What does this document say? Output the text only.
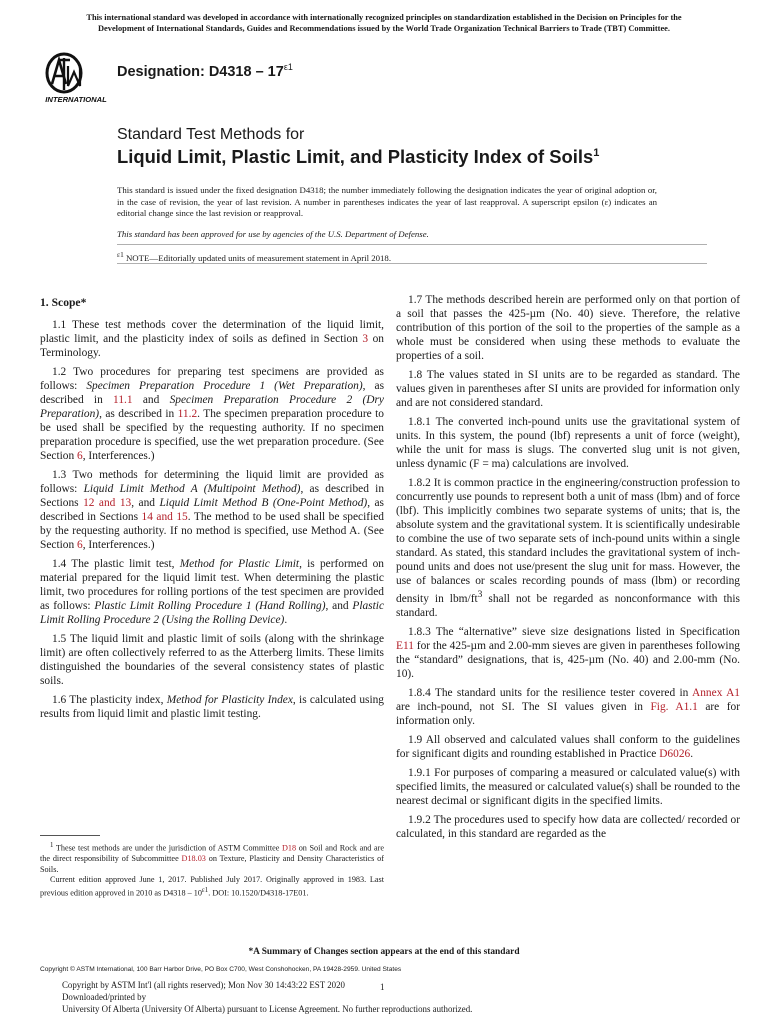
This international standard was developed in accordance with internationally recognized principles on standardization established in the Decision on Principles for the
Development of International Standards, Guides and Recommendations issued by the World Trade Organization Technical Barriers to Trade (TBT) Committee.
INTERNATIONAL
Designation: $D4318 - 17^{\varepsilon 1}$
Standard Test Methods for
Liquid Limit, Plastic Limit, and Plasticity Index of Soils$^1$
This standard is issued under the fixed designation D4318; the number immediately following the designation indicates the year of original adoption or, in the case of revision, the year of last revision. A number in parentheses indicates the year of last reapproval. A superscript epsilon (ε) indicates an editorial change since the last revision or reapproval.
This standard has been approved for use by agencies of the U.S. Department of Defense.
$^{\varepsilon 1}$ NOTE—Editorially updated units of measurement statement in April 2018.

1. Scope*

1.1 These test methods cover the determination of the liquid limit, plastic limit, and the plasticity index of soils as defined in Section 3 on Terminology.

1.2 Two procedures for preparing test specimens are provided as follows: Specimen Preparation Procedure 1 (Wet Preparation), as described in 11.1 and Specimen Preparation Procedure 2 (Dry Preparation), as described in 11.2. The specimen preparation procedure to be used shall be specified by the requesting authority. If no specimen preparation procedure is specified, use the wet preparation procedure. (See Section 6, Interferences.)

1.3 Two methods for determining the liquid limit are provided as follows: Liquid Limit Method A (Multipoint Method), as described in Sections 12 and 13, and Liquid Limit Method B (One-Point Method), as described in Sections 14 and 15. The method to be used shall be specified by the requesting authority. If no method is specified, use Method A. (See Section 6, Interferences.)

1.4 The plastic limit test, Method for Plastic Limit, is performed on material prepared for the liquid limit test. When determining the plastic limit, two procedures for rolling portions of the test specimen are provided as follows: Plastic Limit Rolling Procedure 1 (Hand Rolling), and Plastic Limit Rolling Procedure 2 (Using the Rolling Device).

1.5 The liquid limit and plastic limit of soils (along with the shrinkage limit) are often collectively referred to as the Atterberg limits. These limits distinguished the boundaries of the several consistency states of plastic soils.

1.6 The plasticity index, Method for Plasticity Index, is calculated using results from liquid limit and plastic limit testing.

$^1$ These test methods are under the jurisdiction of ASTM Committee D18 on Soil and Rock and are the direct responsibility of Subcommittee D18.03 on Texture, Plasticity and Density Characteristics of Soils.

Current edition approved June 1, 2017. Published July 2017. Originally approved in 1983. Last previous edition approved in 2010 as $D4318 - 10^{\varepsilon 1}$. DOI: 10.1520/D4318-17E01.

1.7 The methods described herein are performed only on that portion of a soil that passes the 425-µm (No. 40) sieve. Therefore, the relative contribution of this portion of the soil to the properties of the sample as a whole must be considered when using these methods to evaluate the properties of a soil.

1.8 The values stated in SI units are to be regarded as standard. The values given in parentheses after SI units are provided for information only and are not considered standard.

1.8.1 The converted inch-pound units use the gravitational system of units. In this system, the pound (lbf) represents a unit of force (weight), while the unit for mass is slugs. The converted slug unit is not given, unless dynamic (F = ma) calculations are involved.

1.8.2 It is common practice in the engineering/construction profession to concurrently use pounds to represent both a unit of mass (lbm) and of force (lbf). This implicitly combines two separate systems of units; that is, the absolute system and the gravitational system. It is scientifically undesirable to combine the use of two separate sets of inch-pound units within a single standard. As stated, this standard includes the gravitational system of inch-pound units and does not use/present the slug unit for mass. However, the use of balances or scales recording pounds of mass (lbm) or recording density in lbm/$ft^3$ shall not be regarded as nonconformance with this standard.

1.8.3 The “alternative” sieve size designations listed in Specification E11 for the 425-µm and 2.00-mm sieves are given in parentheses following the “standard” designations, that is, 425-µm (No. 40) and 2.00-mm (No. 10).

1.8.4 The standard units for the resilience tester covered in Annex A1 are inch-pound, not SI. The SI values given in Fig. A1.1 are for information only.

1.9 All observed and calculated values shall conform to the guidelines for significant digits and rounding established in Practice D6026.

1.9.1 For purposes of comparing a measured or calculated value(s) with specified limits, the measured or calculated value(s) shall be rounded to the nearest decimal or significant digits in the specified limits.

1.9.2 The procedures used to specify how data are collected/ recorded or calculated, in this standard are regarded as the

*A Summary of Changes section appears at the end of this standard
Copyright © ASTM International, 100 Barr Harbor Drive, PO Box C700, West Conshohocken, PA 19428-2959. United States
Copyright by ASTM Int'l (all rights reserved); Mon Nov 30 14:43:22 EST 2020
Downloaded/printed by
University Of Alberta (University Of Alberta) pursuant to License Agreement. No further reproductions authorized.
1
